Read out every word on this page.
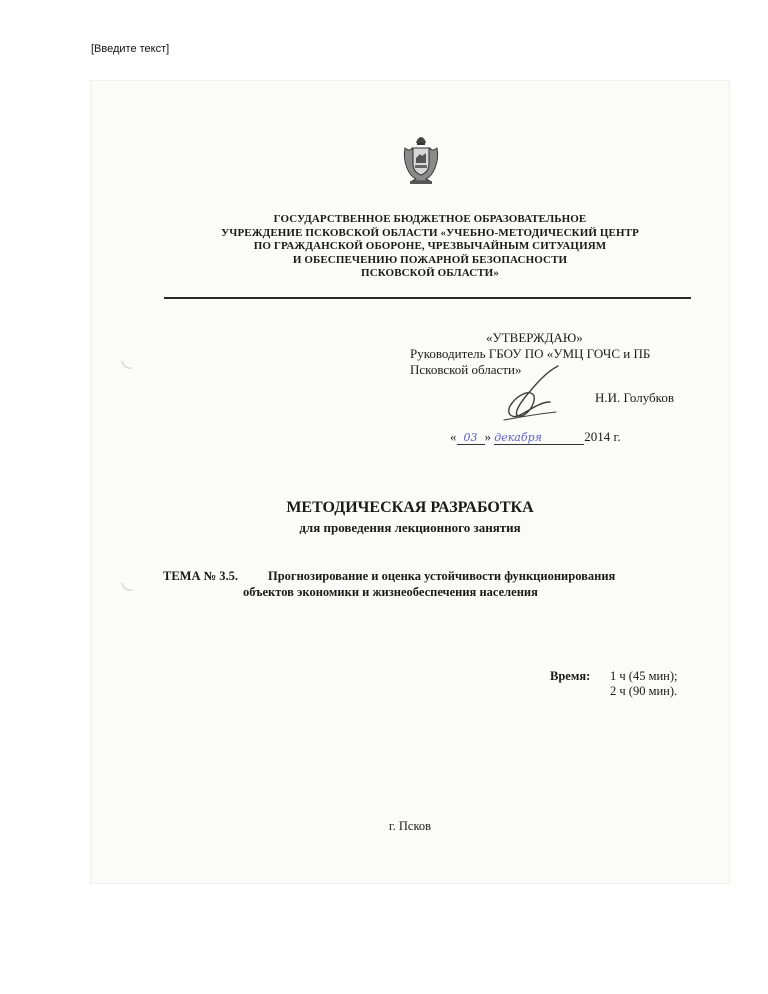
[Введите текст]
ГОСУДАРСТВЕННОЕ БЮДЖЕТНОЕ ОБРАЗОВАТЕЛЬНОЕ
УЧРЕЖДЕНИЕ ПСКОВСКОЙ ОБЛАСТИ «УЧЕБНО-МЕТОДИЧЕСКИЙ ЦЕНТР
ПО ГРАЖДАНСКОЙ ОБОРОНЕ, ЧРЕЗВЫЧАЙНЫМ СИТУАЦИЯМ
И ОБЕСПЕЧЕНИЮ ПОЖАРНОЙ БЕЗОПАСНОСТИ
ПСКОВСКОЙ ОБЛАСТИ»
«УТВЕРЖДАЮ»
Руководитель ГБОУ ПО «УМЦ ГОЧС и ПБ
Псковской области»
Н.И. Голубков
« 03 » декабря	2014 г.
МЕТОДИЧЕСКАЯ РАЗРАБОТКА
для проведения лекционного занятия
ТЕМА № 3.5. Прогнозирование и оценка устойчивости функционирования
объектов экономики и жизнеобеспечения населения
Время: 1 ч (45 мин);
2 ч (90 мин).
г. Псков
